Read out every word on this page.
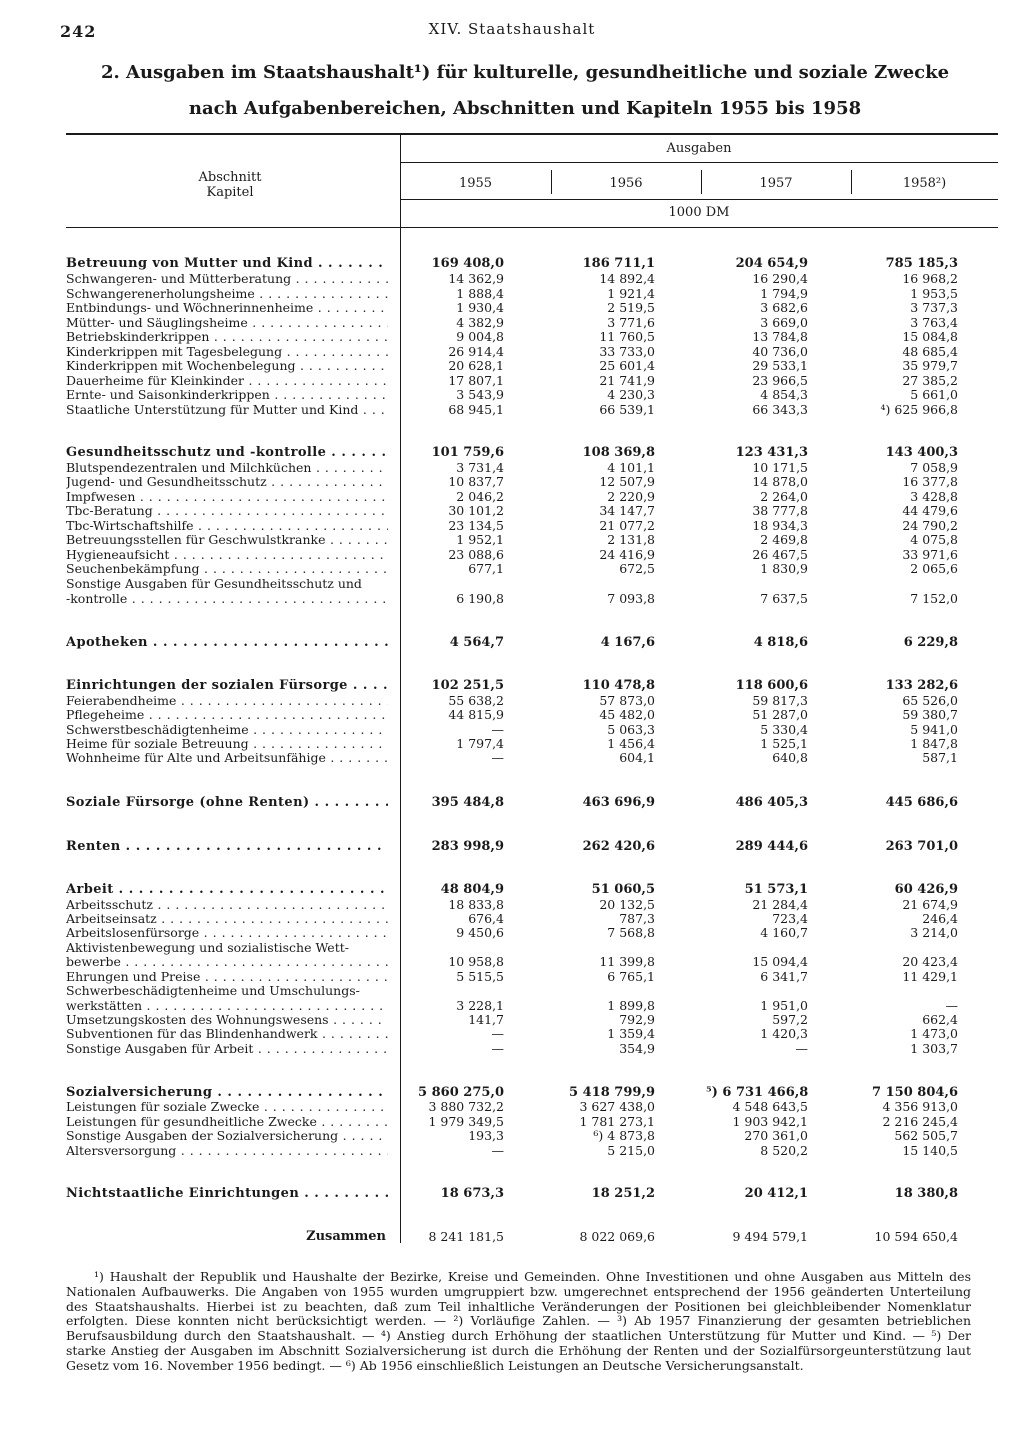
242	XIV. Staatshaushalt
2. Ausgaben im Staatshaushalt¹) für kulturelle, gesundheitliche und soziale Zwecke
nach Aufgabenbereichen, Abschnitten und Kapiteln 1955 bis 1958
Abschnitt Kapitel
Ausgaben
1955	1956	1957	1958²)
1000 DM
Betreuung von Mutter und Kind . . .	169 408,0	186 711,1	204 654,9	785 185,3
Schwangeren- und Mütterberatung . . .	14 362,9	14 892,4	16 290,4	16 968,2
Schwangerenerholungsheime . . .	1 888,4	1 921,4	1 794,9	1 953,5
Entbindungs- und Wöchnerinnenheime . . .	1 930,4	2 519,5	3 682,6	3 737,3
Mütter- und Säuglingsheime . . .	4 382,9	3 771,6	3 669,0	3 763,4
Betriebskinderkrippen . . .	9 004,8	11 760,5	13 784,8	15 084,8
Kinderkrippen mit Tagesbelegung . . .	26 914,4	33 733,0	40 736,0	48 685,4
Kinderkrippen mit Wochenbelegung . . .	20 628,1	25 601,4	29 533,1	35 979,7
Dauerheime für Kleinkinder . . .	17 807,1	21 741,9	23 966,5	27 385,2
Ernte- und Saisonkinderkrippen . . .	3 543,9	4 230,3	4 854,3	5 661,0
Staatliche Unterstützung für Mutter und Kind . . .	68 945,1	66 539,1	66 343,3	⁴) 625 966,8
Gesundheitsschutz und -kontrolle . . .	101 759,6	108 369,8	123 431,3	143 400,3
Blutspendezentralen und Milchküchen . . .	3 731,4	4 101,1	10 171,5	7 058,9
Jugend- und Gesundheitsschutz . . .	10 837,7	12 507,9	14 878,0	16 377,8
Impfwesen . . .	2 046,2	2 220,9	2 264,0	3 428,8
Tbc-Beratung . . .	30 101,2	34 147,7	38 777,8	44 479,6
Tbc-Wirtschaftshilfe . . .	23 134,5	21 077,2	18 934,3	24 790,2
Betreuungsstellen für Geschwulstkranke . . .	1 952,1	2 131,8	2 469,8	4 075,8
Hygieneaufsicht . . .	23 088,6	24 416,9	26 467,5	33 971,6
Seuchenbekämpfung . . .	677,1	672,5	1 830,9	2 065,6
Sonstige Ausgaben für Gesundheitsschutz und
-kontrolle . . .	6 190,8	7 093,8	7 637,5	7 152,0
Apotheken . . .	4 564,7	4 167,6	4 818,6	6 229,8
Einrichtungen der sozialen Fürsorge . . .	102 251,5	110 478,8	118 600,6	133 282,6
Feierabendheime . . .	55 638,2	57 873,0	59 817,3	65 526,0
Pflegeheime . . .	44 815,9	45 482,0	51 287,0	59 380,7
Schwerstbeschädigtenheime . . .	—	5 063,3	5 330,4	5 941,0
Heime für soziale Betreuung . . .	1 797,4	1 456,4	1 525,1	1 847,8
Wohnheime für Alte und Arbeitsunfähige . . .	—	604,1	640,8	587,1
Soziale Fürsorge (ohne Renten) . . .	395 484,8	463 696,9	486 405,3	445 686,6
Renten . . .	283 998,9	262 420,6	289 444,6	263 701,0
Arbeit . . .	48 804,9	51 060,5	51 573,1	60 426,9
Arbeitsschutz . . .	18 833,8	20 132,5	21 284,4	21 674,9
Arbeitseinsatz . . .	676,4	787,3	723,4	246,4
Arbeitslosenfürsorge . . .	9 450,6	7 568,8	4 160,7	3 214,0
Aktivistenbewegung und sozialistische Wett-
bewerbe . . .	10 958,8	11 399,8	15 094,4	20 423,4
Ehrungen und Preise . . .	5 515,5	6 765,1	6 341,7	11 429,1
Schwerbeschädigtenheime und Umschulungs-
werkstätten . . .	3 228,1	1 899,8	1 951,0	—
Umsetzungskosten des Wohnungswesens . . .	141,7	792,9	597,2	662,4
Subventionen für das Blindenhandwerk . . .	—	1 359,4	1 420,3	1 473,0
Sonstige Ausgaben für Arbeit . . .	—	354,9	—	1 303,7
Sozialversicherung . . .	5 860 275,0	5 418 799,9	⁵) 6 731 466,8	7 150 804,6
Leistungen für soziale Zwecke . . .	3 880 732,2	3 627 438,0	4 548 643,5	4 356 913,0
Leistungen für gesundheitliche Zwecke . . .	1 979 349,5	1 781 273,1	1 903 942,1	2 216 245,4
Sonstige Ausgaben der Sozialversicherung . . .	193,3	⁶) 4 873,8	270 361,0	562 505,7
Altersversorgung . . .	—	5 215,0	8 520,2	15 140,5
Nichtstaatliche Einrichtungen . . .	18 673,3	18 251,2	20 412,1	18 380,8
Zusammen	8 241 181,5	8 022 069,6	9 494 579,1	10 594 650,4
¹) Haushalt der Republik und Haushalte der Bezirke, Kreise und Gemeinden. Ohne Investitionen und ohne Ausgaben aus Mitteln des Nationalen Aufbauwerks. Die Angaben von 1955 wurden umgruppiert bzw. umgerechnet entsprechend der 1956 geänderten Unterteilung des Staatshaushalts. Hierbei ist zu beachten, daß zum Teil inhaltliche Veränderungen der Positionen bei gleichbleibender Nomenklatur erfolgten. Diese konnten nicht berücksichtigt werden. — ²) Vorläufige Zahlen. — ³) Ab 1957 Finanzierung der gesamten betrieblichen Berufsausbildung durch den Staatshaushalt. — ⁴) Anstieg durch Erhöhung der staatlichen Unterstützung für Mutter und Kind. — ⁵) Der starke Anstieg der Ausgaben im Abschnitt Sozialversicherung ist durch die Erhöhung der Renten und der Sozialfürsorgeunterstützung laut Gesetz vom 16. November 1956 bedingt. — ⁶) Ab 1956 einschließlich Leistungen an Deutsche Versicherungsanstalt.
